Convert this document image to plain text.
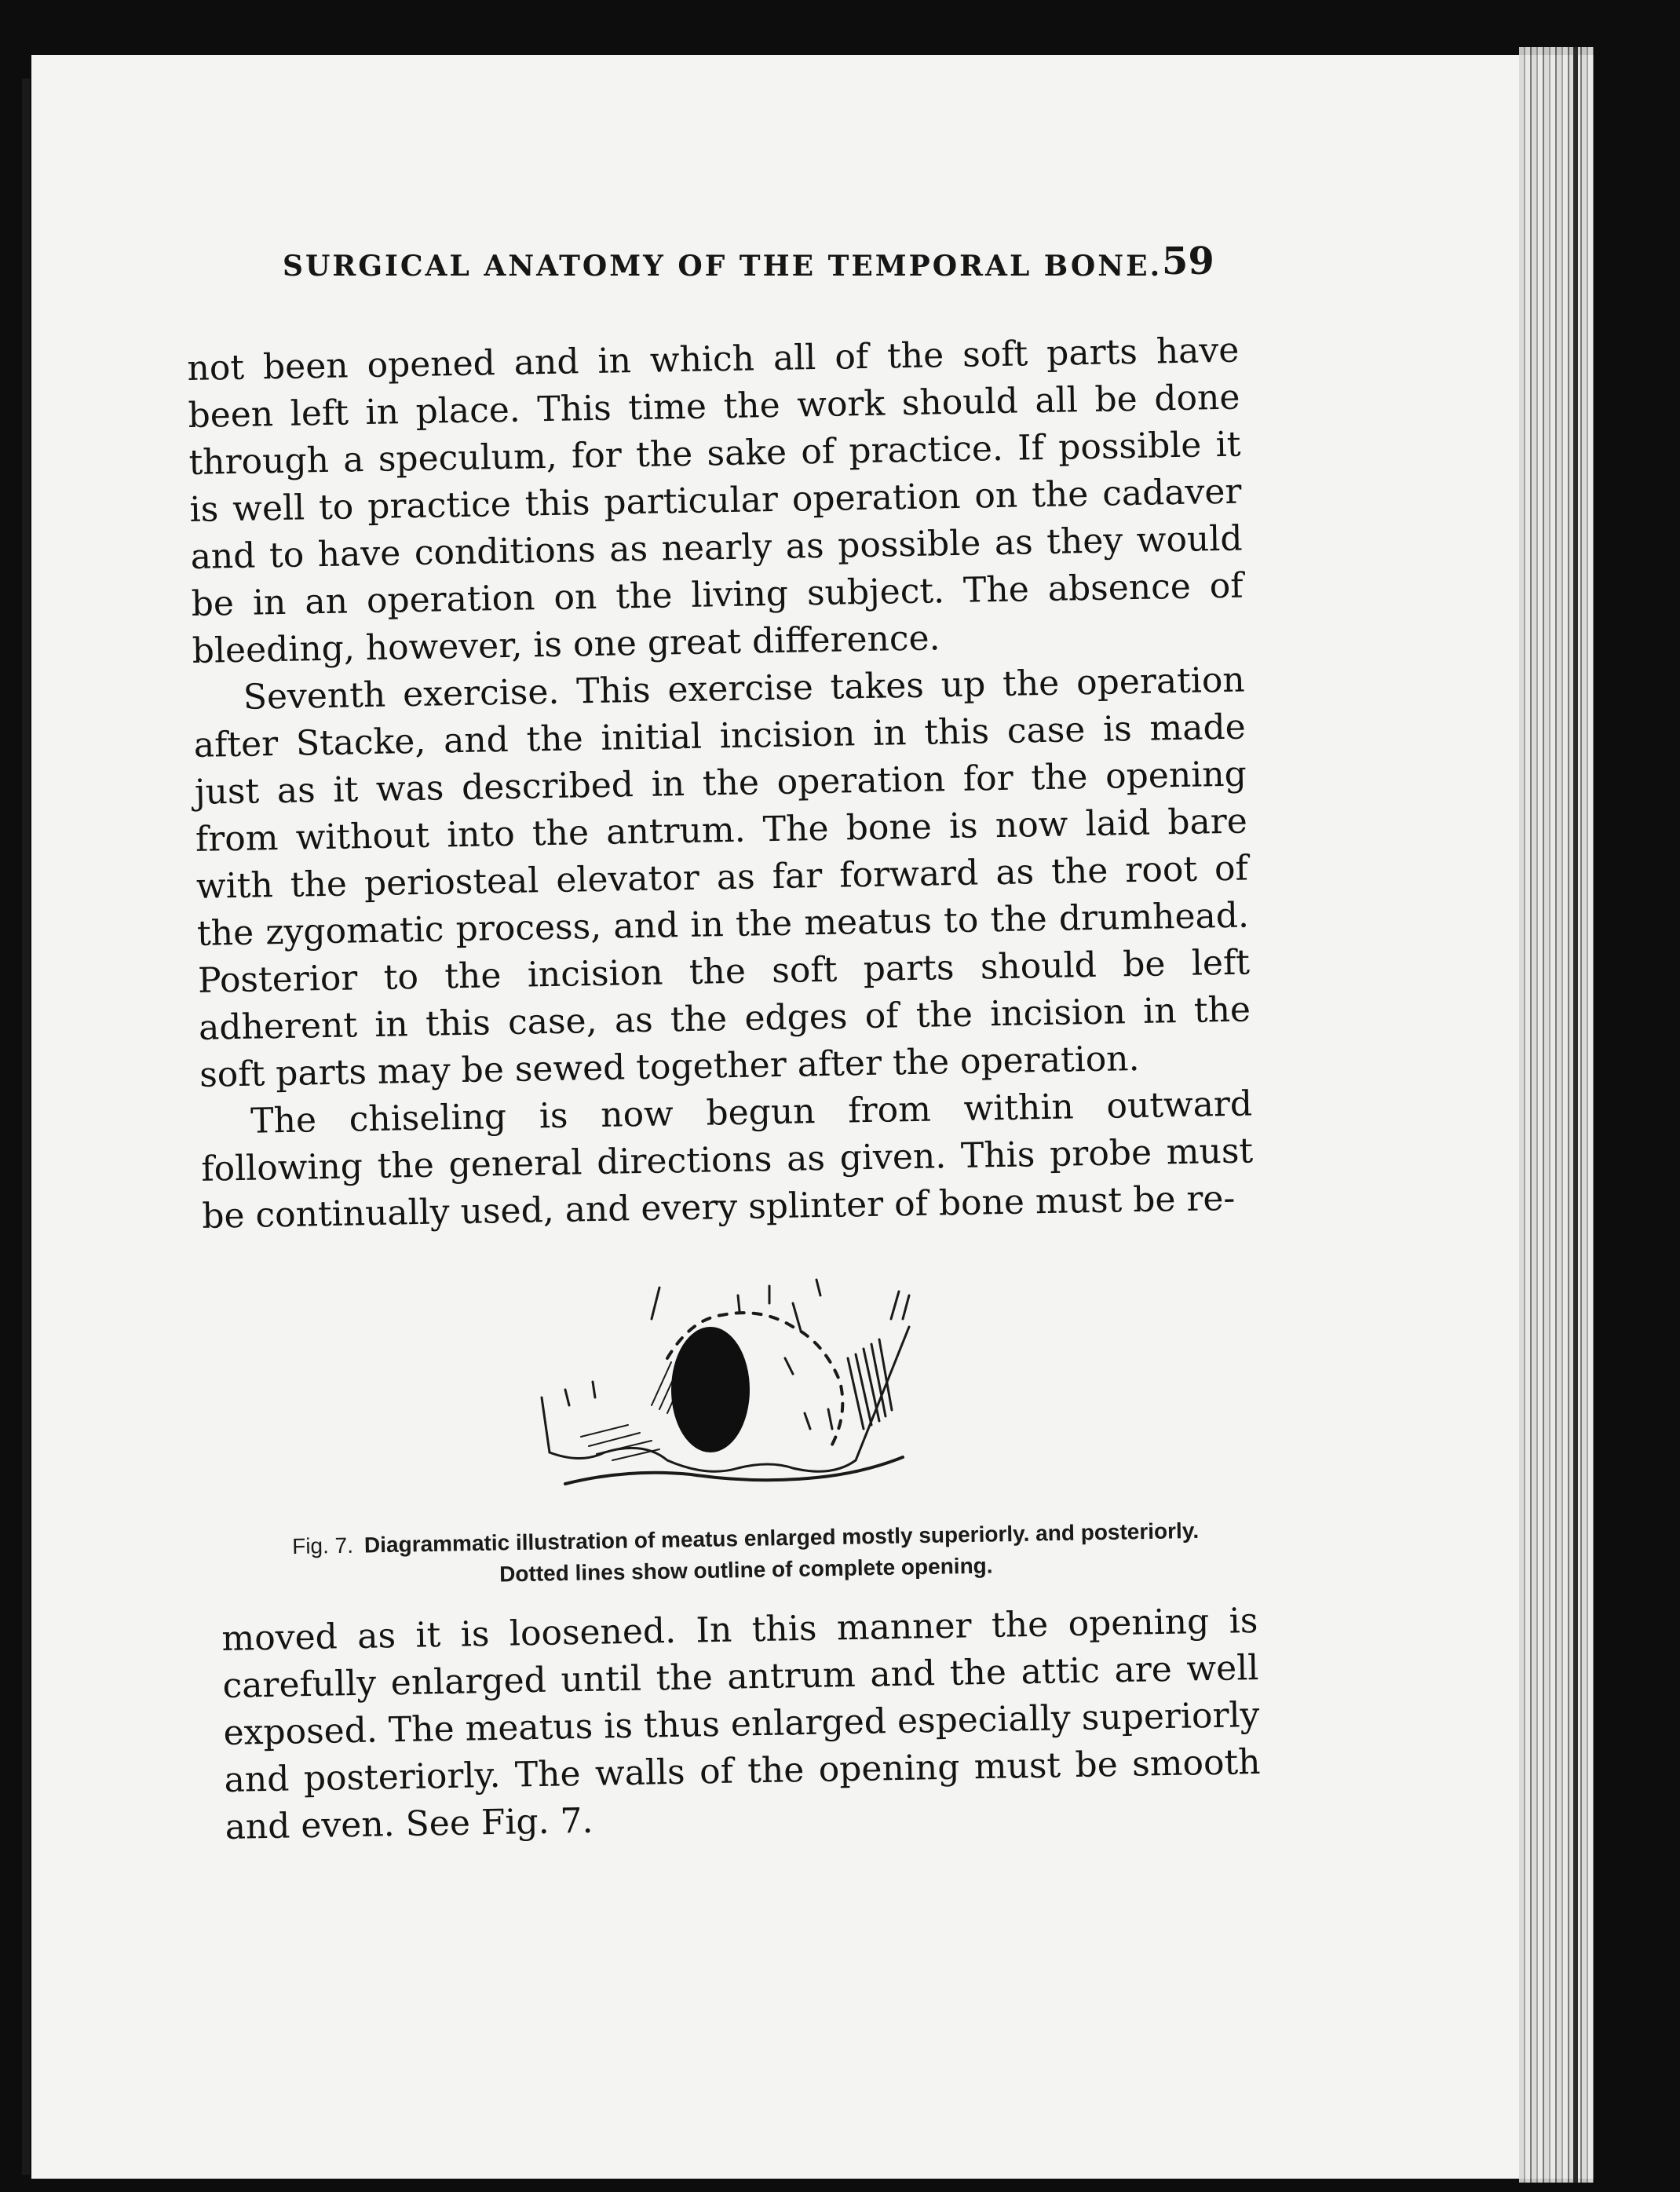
SURGICAL ANATOMY OF THE TEMPORAL BONE. 59

not been opened and in which all of the soft parts have been left in place. This time the work should all be done through a speculum, for the sake of practice. If possible it is well to practice this particular operation on the cadaver and to have conditions as nearly as possible as they would be in an operation on the living subject. The absence of bleeding, however, is one great difference.

Seventh exercise. This exercise takes up the operation after Stacke, and the initial incision in this case is made just as it was described in the operation for the opening from without into the antrum. The bone is now laid bare with the periosteal elevator as far forward as the root of the zygomatic process, and in the meatus to the drumhead. Posterior to the incision the soft parts should be left adherent in this case, as the edges of the incision in the soft parts may be sewed together after the operation.

The chiseling is now begun from within outward following the general directions as given. This probe must be continually used, and every splinter of bone must be re-

Fig. 7. Diagrammatic illustration of meatus enlarged mostly superiorly. and posteriorly. Dotted lines show outline of complete opening.

moved as it is loosened. In this manner the opening is carefully enlarged until the antrum and the attic are well exposed. The meatus is thus enlarged especially superiorly and posteriorly. The walls of the opening must be smooth and even. See Fig. 7.
